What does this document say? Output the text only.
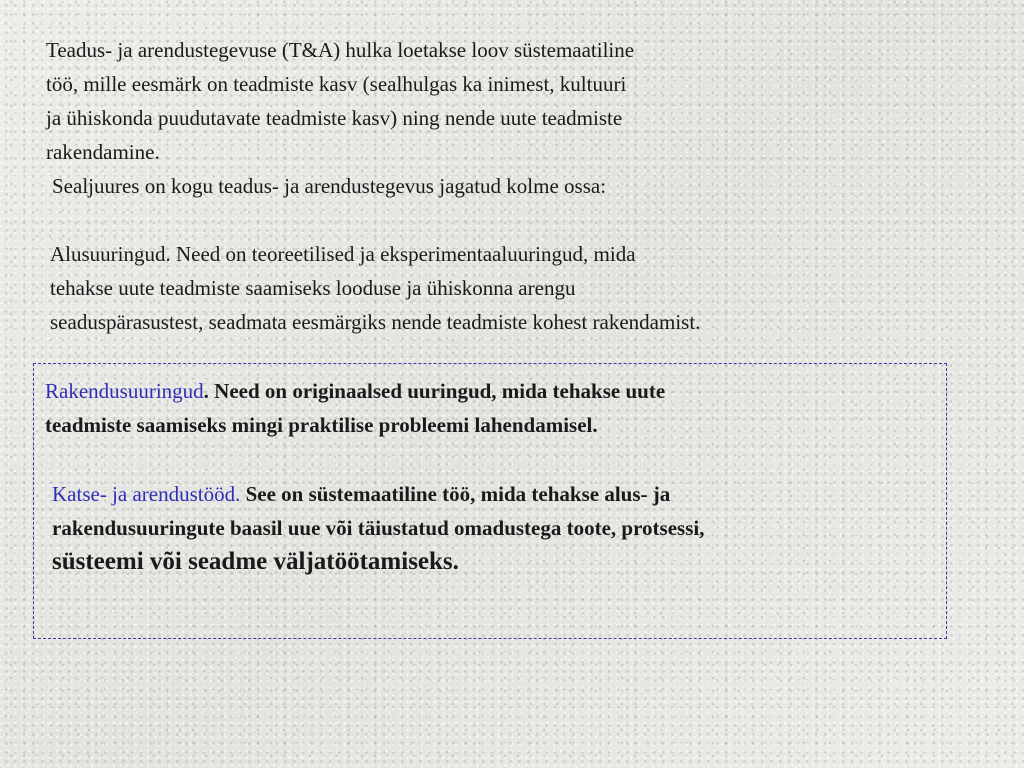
Teadus- ja arendustegevuse (T&A) hulka loetakse loov süstemaatiline
töö, mille eesmärk on teadmiste kasv (sealhulgas ka inimest, kultuuri
ja ühiskonda puudutavate teadmiste kasv) ning nende uute teadmiste
rakendamine.

Sealjuures on kogu teadus- ja arendustegevus jagatud kolme ossa:

Alusuuringud. Need on teoreetilised ja eksperimentaaluuringud, mida
tehakse uute teadmiste saamiseks looduse ja ühiskonna arengu
seaduspärasustest, seadmata eesmärgiks nende teadmiste kohest rakendamist.

Rakendusuuringud. Need on originaalsed uuringud, mida tehakse uute
teadmiste saamiseks mingi praktilise probleemi lahendamisel.

Katse- ja arendustööd. See on süstemaatiline töö, mida tehakse alus- ja
rakendusuuringute baasil uue või täiustatud omadustega toote, protsessi,
süsteemi või seadme väljatöötamiseks.
